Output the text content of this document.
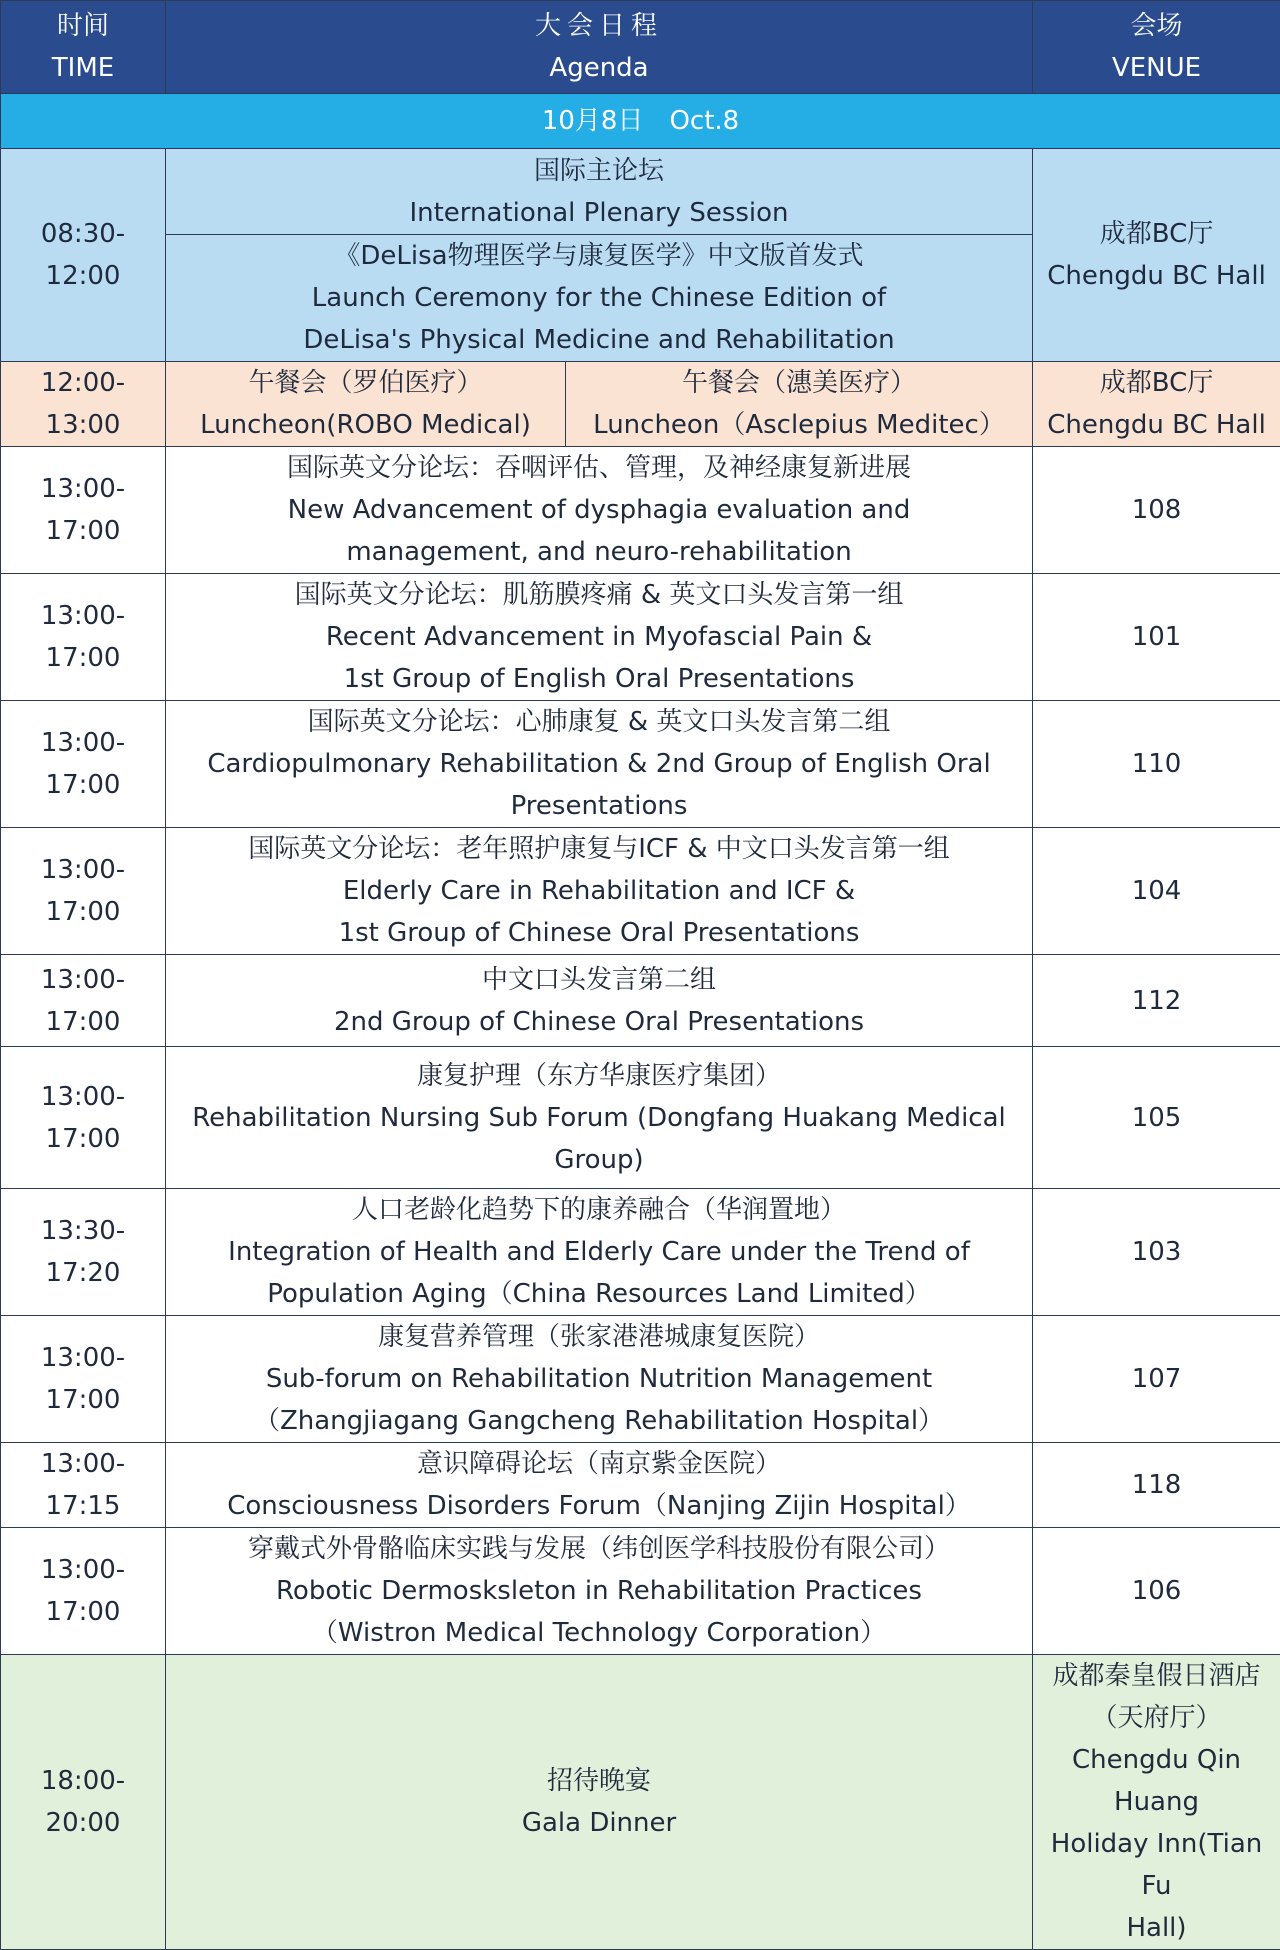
时间
TIME	大会日程
Agenda		会场
VENUE

10月8日　Oct.8			
08:30-12:00	国际主论坛
International Plenary Session		成都BC厅
Chengdu BC Hall

	《DeLisa物理医学与康复医学》中文版首发式
Launch Ceremony for the Chinese Edition of
DeLisa's Physical Medicine and Rehabilitation		

12:00-13:00	午餐会（罗伯医疗）
Luncheon(ROBO Medical)	午餐会（潓美医疗）
Luncheon（Asclepius Meditec）	成都BC厅
Chengdu BC Hall

13:00-17:00	国际英文分论坛：吞咽评估、管理，及神经康复新进展
New Advancement of dysphagia evaluation and
management, and neuro-rehabilitation		108
13:00-17:00	国际英文分论坛：肌筋膜疼痛 & 英文口头发言第一组
Recent Advancement in Myofascial Pain &
1st Group of English Oral Presentations		101
13:00-17:00	国际英文分论坛：心肺康复 & 英文口头发言第二组
Cardiopulmonary Rehabilitation & 2nd Group of English Oral
Presentations		110
13:00-17:00	国际英文分论坛：老年照护康复与ICF & 中文口头发言第一组
Elderly Care in Rehabilitation and ICF &
1st Group of Chinese Oral Presentations		104
13:00-17:00	中文口头发言第二组
2nd Group of Chinese Oral Presentations		112
13:00-17:00	康复护理（东方华康医疗集团）
Rehabilitation Nursing Sub Forum (Dongfang Huakang Medical
Group)		105
13:30-17:20	人口老龄化趋势下的康养融合（华润置地）
Integration of Health and Elderly Care under the Trend of
Population Aging（China Resources Land Limited）		103
13:00-17:00	康复营养管理（张家港港城康复医院）
Sub-forum on Rehabilitation Nutrition Management
（Zhangjiagang Gangcheng Rehabilitation Hospital）		107
13:00-17:15	意识障碍论坛（南京紫金医院）
Consciousness Disorders Forum（Nanjing Zijin Hospital）		118
13:00-17:00	穿戴式外骨骼临床实践与发展（纬创医学科技股份有限公司）
Robotic Dermosksleton in Rehabilitation Practices
（Wistron Medical Technology Corporation）		106
18:00-20:00	招待晚宴
Gala Dinner		成都秦皇假日酒店
（天府厅）
Chengdu Qin Huang
Holiday Inn(Tian Fu
Hall)
